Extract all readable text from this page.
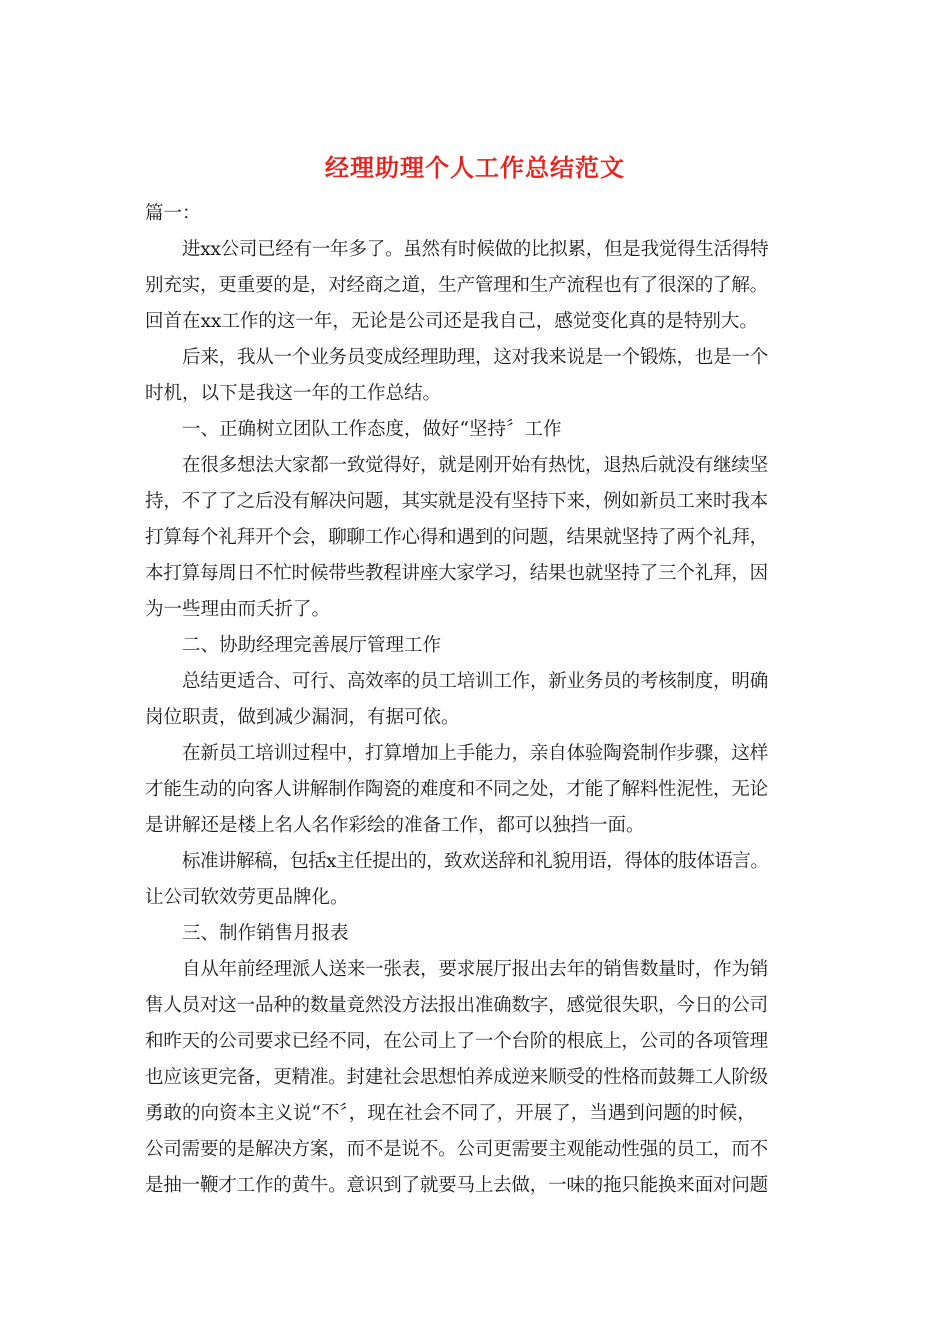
经理助理个人工作总结范文

篇一：

进xx公司已经有一年多了。虽然有时候做的比拟累，但是我觉得生活得特
别充实，更重要的是，对经商之道，生产管理和生产流程也有了很深的了解。
回首在xx工作的这一年，无论是公司还是我自己，感觉变化真的是特别大。

后来，我从一个业务员变成经理助理，这对我来说是一个锻炼，也是一个
时机，以下是我这一年的工作总结。

一、正确树立团队工作态度，做好“坚持〞工作

在很多想法大家都一致觉得好，就是刚开始有热忱，退热后就没有继续坚
持，不了了之后没有解决问题，其实就是没有坚持下来，例如新员工来时我本
打算每个礼拜开个会，聊聊工作心得和遇到的问题，结果就坚持了两个礼拜，
本打算每周日不忙时候带些教程讲座大家学习，结果也就坚持了三个礼拜，因
为一些理由而夭折了。

二、协助经理完善展厅管理工作

总结更适合、可行、高效率的员工培训工作，新业务员的考核制度，明确
岗位职责，做到减少漏洞，有据可依。

在新员工培训过程中，打算增加上手能力，亲自体验陶瓷制作步骤，这样
才能生动的向客人讲解制作陶瓷的难度和不同之处，才能了解料性泥性，无论
是讲解还是楼上名人名作彩绘的准备工作，都可以独挡一面。

标准讲解稿，包括x主任提出的，致欢送辞和礼貌用语，得体的肢体语言。
让公司软效劳更品牌化。

三、制作销售月报表

自从年前经理派人送来一张表，要求展厅报出去年的销售数量时，作为销
售人员对这一品种的数量竟然没方法报出准确数字，感觉很失职，今日的公司
和昨天的公司要求已经不同，在公司上了一个台阶的根底上，公司的各项管理
也应该更完备，更精准。封建社会思想怕养成逆来顺受的性格而鼓舞工人阶级
勇敢的向资本主义说“不〞，现在社会不同了，开展了，当遇到问题的时候，
公司需要的是解决方案，而不是说不。公司更需要主观能动性强的员工，而不
是抽一鞭才工作的黄牛。意识到了就要马上去做，一味的拖只能换来面对问题
